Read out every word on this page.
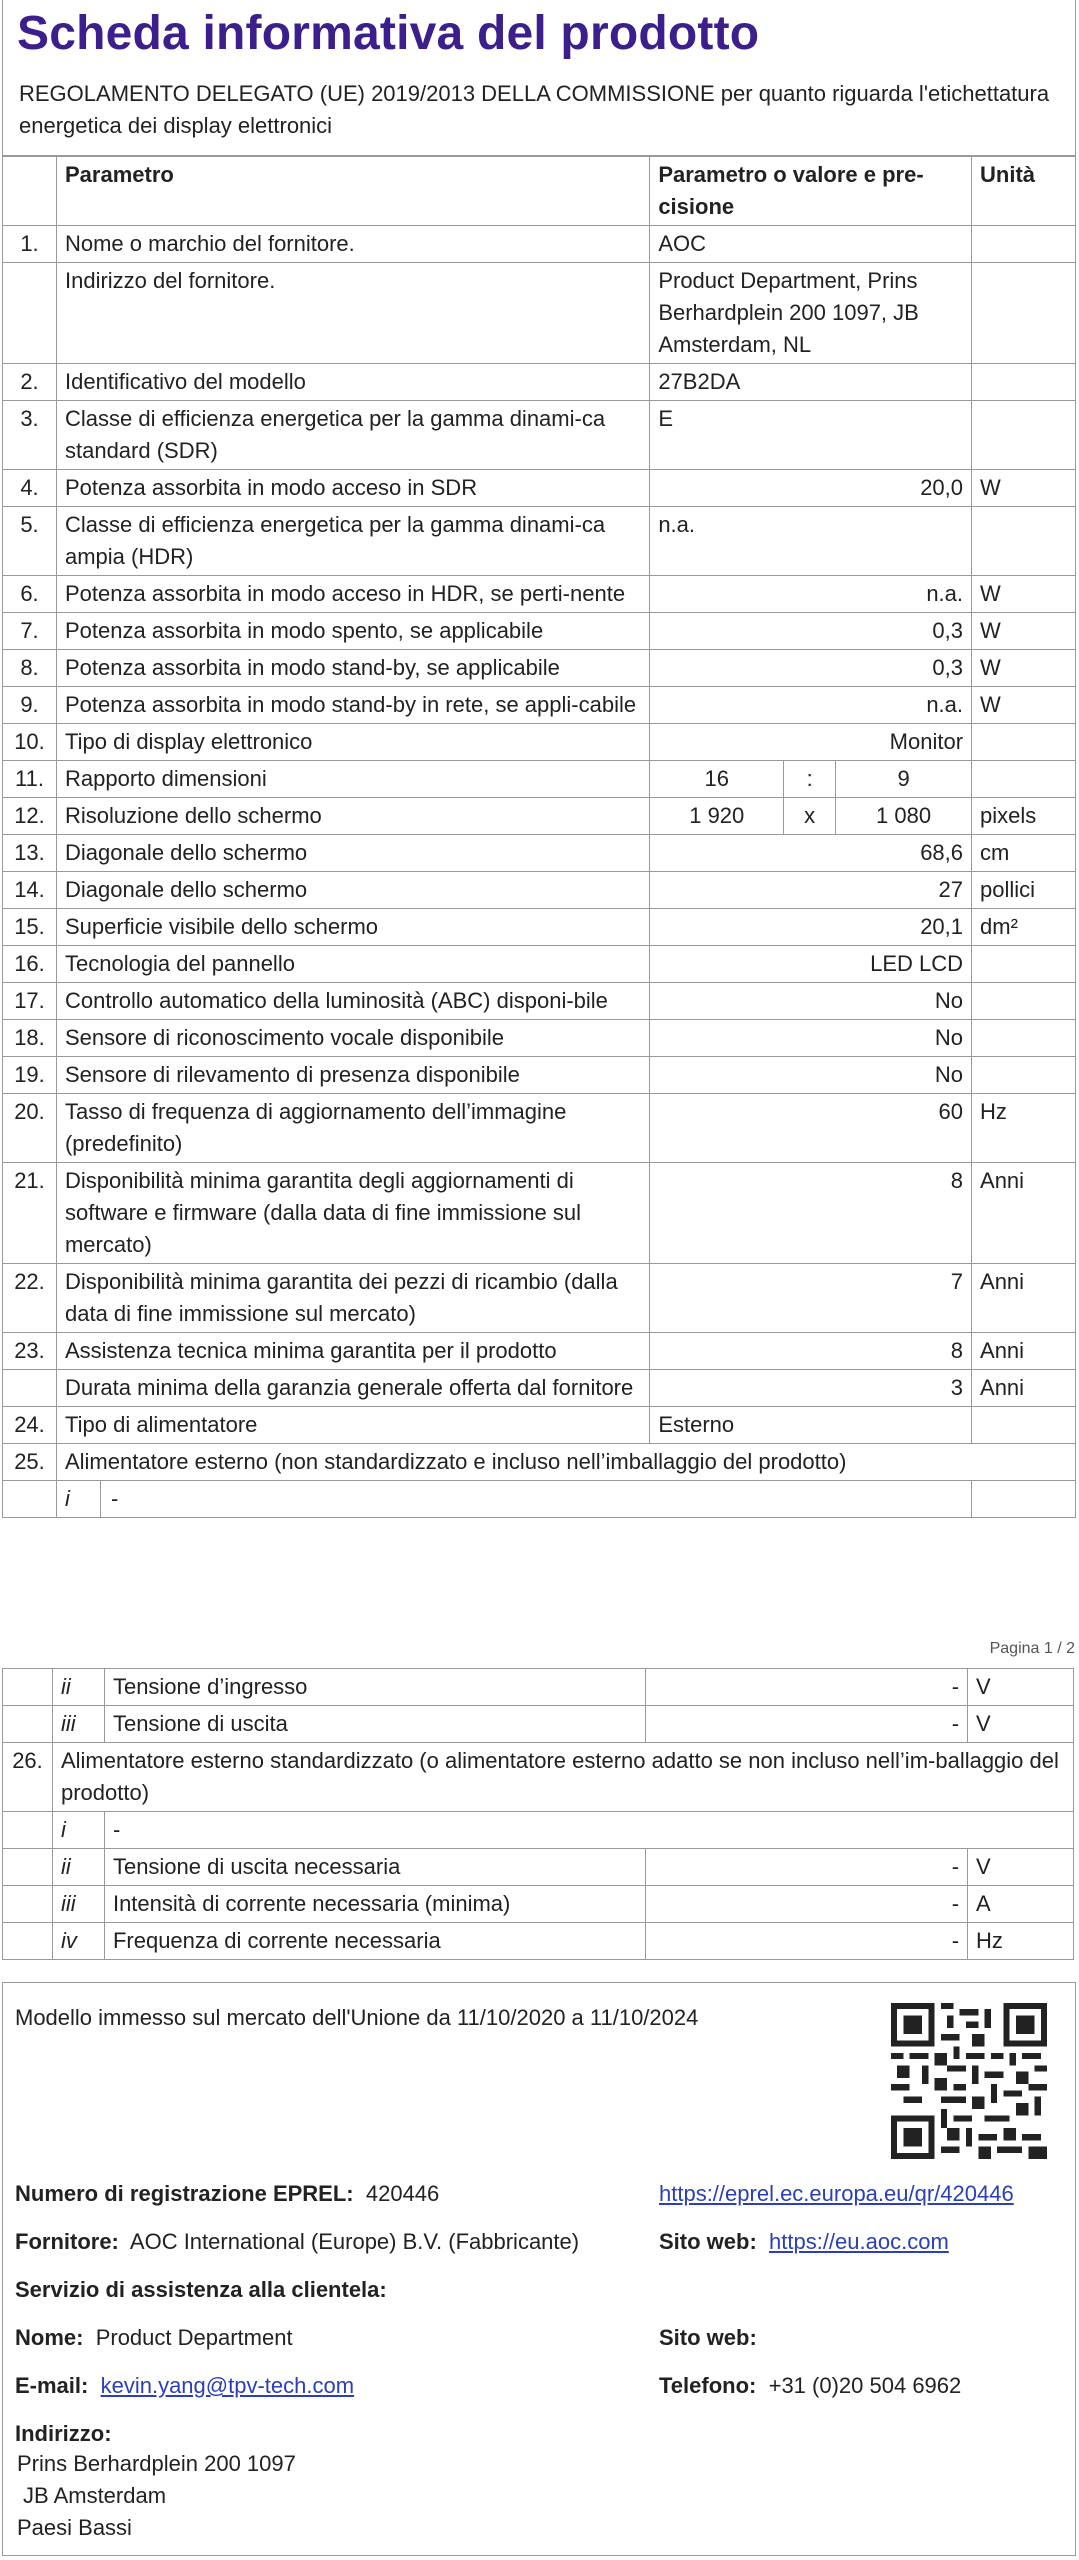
Scheda informativa del prodotto
REGOLAMENTO DELEGATO (UE) 2019/2013 DELLA COMMISSIONE per quanto riguarda l'etichettatura energetica dei display elettronici
	Parametro	Parametro o valore e pre-cisione			Unità
1.	Nome o marchio del fornitore.	AOC			
	Indirizzo del fornitore.	Product Department, Prins Berhardplein 200 1097, JB Amsterdam, NL			
2.	Identificativo del modello	27B2DA			
3.	Classe di efficienza energetica per la gamma dinami-ca standard (SDR)	E			
4.	Potenza assorbita in modo acceso in SDR	20,0			W
5.	Classe di efficienza energetica per la gamma dinami-ca ampia (HDR)	n.a.			
6.	Potenza assorbita in modo acceso in HDR, se perti-nente	n.a.			W
7.	Potenza assorbita in modo spento, se applicabile	0,3			W
8.	Potenza assorbita in modo stand-by, se applicabile	0,3			W
9.	Potenza assorbita in modo stand-by in rete, se appli-cabile	n.a.			W
10.	Tipo di display elettronico	Monitor			
11.	Rapporto dimensioni	16	:	9	
12.	Risoluzione dello schermo	1 920	x	1 080	pixels
13.	Diagonale dello schermo	68,6			cm
14.	Diagonale dello schermo	27			pollici
15.	Superficie visibile dello schermo	20,1			dm²
16.	Tecnologia del pannello	LED LCD			
17.	Controllo automatico della luminosità (ABC) disponi-bile	No			
18.	Sensore di riconoscimento vocale disponibile	No			
19.	Sensore di rilevamento di presenza disponibile	No			
20.	Tasso di frequenza di aggiornamento dell’immagine (predefinito)	60			Hz
21.	Disponibilità minima garantita degli aggiornamenti di software e firmware (dalla data di fine immissione sul mercato)	8			Anni
22.	Disponibilità minima garantita dei pezzi di ricambio (dalla data di fine immissione sul mercato)	7			Anni
23.	Assistenza tecnica minima garantita per il prodotto	8			Anni
	Durata minima della garanzia generale offerta dal fornitore	3			Anni
24.	Tipo di alimentatore	Esterno			
25.	Alimentatore esterno (non standardizzato e incluso nell’imballaggio del prodotto)				
	i -				
Pagina 1 / 2
	ii	Tensione d’ingresso	-	V
	iii	Tensione di uscita	-	V
26.	Alimentatore esterno standardizzato (o alimentatore esterno adatto se non incluso nell’im-ballaggio del prodotto)			
	i	-		
	ii	Tensione di uscita necessaria	-	V
	iii	Intensità di corrente necessaria (minima)	-	A
	iv	Frequenza di corrente necessaria	-	Hz
Modello immesso sul mercato dell'Unione da 11/10/2020 a 11/10/2024
Numero di registrazione EPREL: 420446	https://eprel.ec.europa.eu/qr/420446
Fornitore: AOC International (Europe) B.V. (Fabbricante)	Sito web: https://eu.aoc.com
Servizio di assistenza alla clientela:
Nome: Product Department	Sito web:
E-mail: kevin.yang@tpv-tech.com	Telefono: +31 (0)20 504 6962
Indirizzo:
Prins Berhardplein 200 1097
JB Amsterdam
Paesi Bassi
